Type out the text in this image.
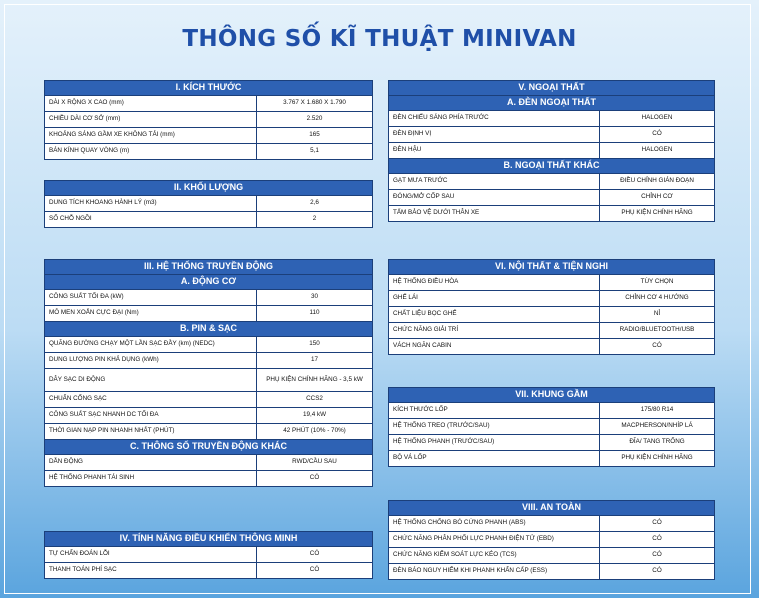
THÔNG SỐ KĨ THUẬT MINIVAN
I. KÍCH THƯỚC	
DÀI X RỘNG X CAO (mm)	3.767 X 1.680 X 1.790
CHIỀU DÀI CƠ SỞ (mm)	2.520
KHOẢNG SÁNG GẦM XE KHÔNG TẢI (mm)	165
BÁN KÍNH QUAY VÒNG (m)	5,1
II. KHỐI LƯỢNG	
DUNG TÍCH KHOANG HÀNH LÝ (m3)	2,6
SỐ CHỖ NGỒI	2
III. HỆ THỐNG TRUYỀN ĐỘNG	
A. ĐỘNG CƠ	
CÔNG SUẤT TỐI ĐA (kW)	30
MÔ MEN XOẮN CỰC ĐẠI (Nm)	110
B. PIN & SẠC	
QUÃNG ĐƯỜNG CHẠY MỘT LẦN SẠC ĐẦY (km) (NEDC)	150
DUNG LƯỢNG PIN KHẢ DỤNG (kWh)	17
DÂY SẠC DI ĐỘNG	PHỤ KIỆN CHÍNH HÃNG - 3,5 kW
CHUẨN CỔNG SẠC	CCS2
CÔNG SUẤT SẠC NHANH DC TỐI ĐA	19,4 kW
THỜI GIAN NẠP PIN NHANH NHẤT (PHÚT)	42 PHÚT (10% - 70%)
C. THÔNG SỐ TRUYỀN ĐỘNG KHÁC	
DẪN ĐỘNG	RWD/CẦU SAU
HỆ THỐNG PHANH TÁI SINH	CÓ
IV. TÍNH NĂNG ĐIỀU KHIỂN THÔNG MINH	
TỰ CHẨN ĐOÁN LỖI	CÓ
THANH TOÁN PHÍ SẠC	CÓ
V. NGOẠI THẤT	
A. ĐÈN NGOẠI THẤT	
ĐÈN CHIẾU SÁNG PHÍA TRƯỚC	HALOGEN
ĐÈN ĐỊNH VỊ	CÓ
ĐÈN HẬU	HALOGEN
B. NGOẠI THẤT KHÁC	
GẠT MƯA TRƯỚC	ĐIỀU CHỈNH GIÁN ĐOẠN
ĐÓNG/MỞ CỐP SAU	CHỈNH CƠ
TẤM BẢO VỆ DƯỚI THÂN XE	PHỤ KIỆN CHÍNH HÃNG
VI. NỘI THẤT & TIỆN NGHI	
HỆ THỐNG ĐIỀU HÒA	TÙY CHỌN
GHẾ LÁI	CHỈNH CƠ 4 HƯỚNG
CHẤT LIỆU BỌC GHẾ	NỈ
CHỨC NĂNG GIẢI TRÍ	RADIO/BLUETOOTH/USB
VÁCH NGĂN CABIN	CÓ
VII. KHUNG GẦM	
KÍCH THƯỚC LỐP	175/80 R14
HỆ THỐNG TREO (TRƯỚC/SAU)	MACPHERSON/NHÍP LÁ
HỆ THỐNG PHANH (TRƯỚC/SAU)	ĐĨA/ TANG TRỐNG
BỘ VÁ LỐP	PHỤ KIỆN CHÍNH HÃNG
VIII. AN TOÀN	
HỆ THỐNG CHỐNG BÓ CỨNG PHANH (ABS)	CÓ
CHỨC NĂNG PHÂN PHỐI LỰC PHANH ĐIỆN TỬ (EBD)	CÓ
CHỨC NĂNG KIỂM SOÁT LỰC KÉO (TCS)	CÓ
ĐÈN BÁO NGUY HIỂM KHI PHANH KHẨN CẤP (ESS)	CÓ
